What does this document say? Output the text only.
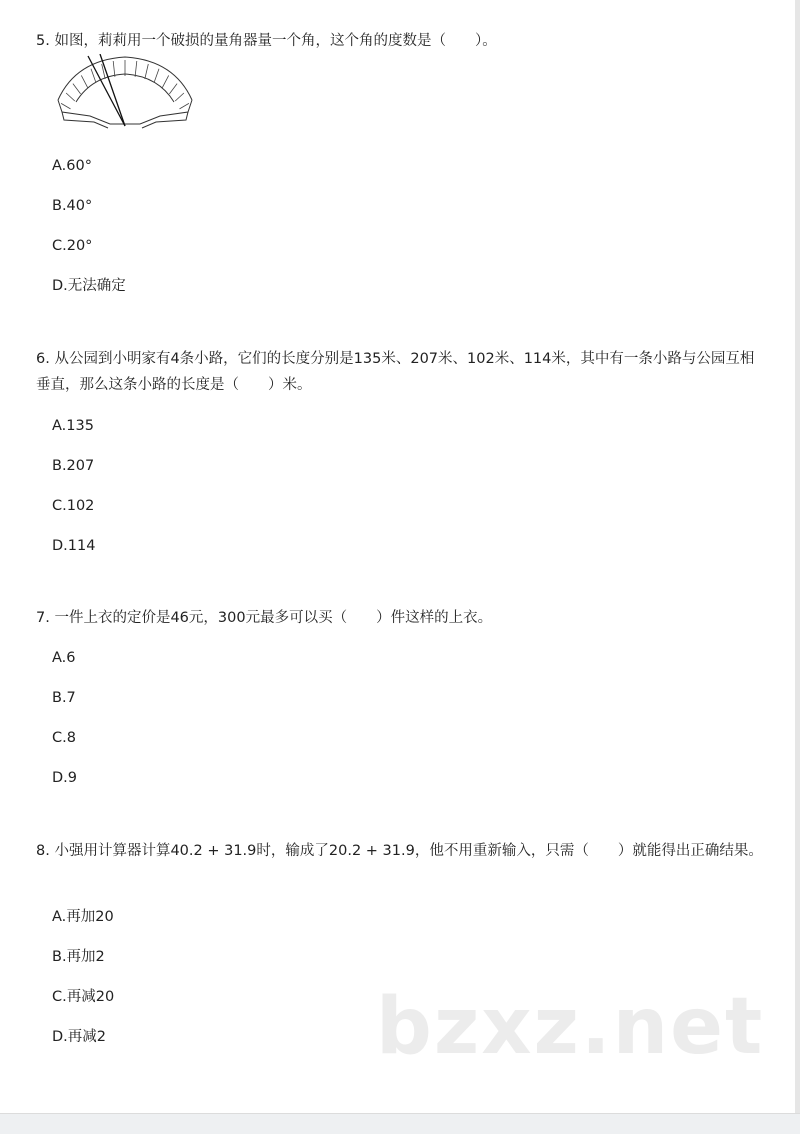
5. 如图，莉莉用一个破损的量角器量一个角，这个角的度数是（　　）。

A.60°

B.40°

C.20°

D.无法确定

6. 从公园到小明家有4条小路，它们的长度分别是135米、207米、102米、114米，其中有一条小路与公园互相垂直，那么这条小路的长度是（　　）米。

A.135

B.207

C.102

D.114

7. 一件上衣的定价是46元，300元最多可以买（　　）件这样的上衣。

A.6

B.7

C.8

D.9

8. 小强用计算器计算40.2 + 31.9时，输成了20.2 + 31.9，他不用重新输入，只需（　　）就能得出正确结果。

A.再加20

B.再加2

C.再减20

D.再减2	bzxz.net
